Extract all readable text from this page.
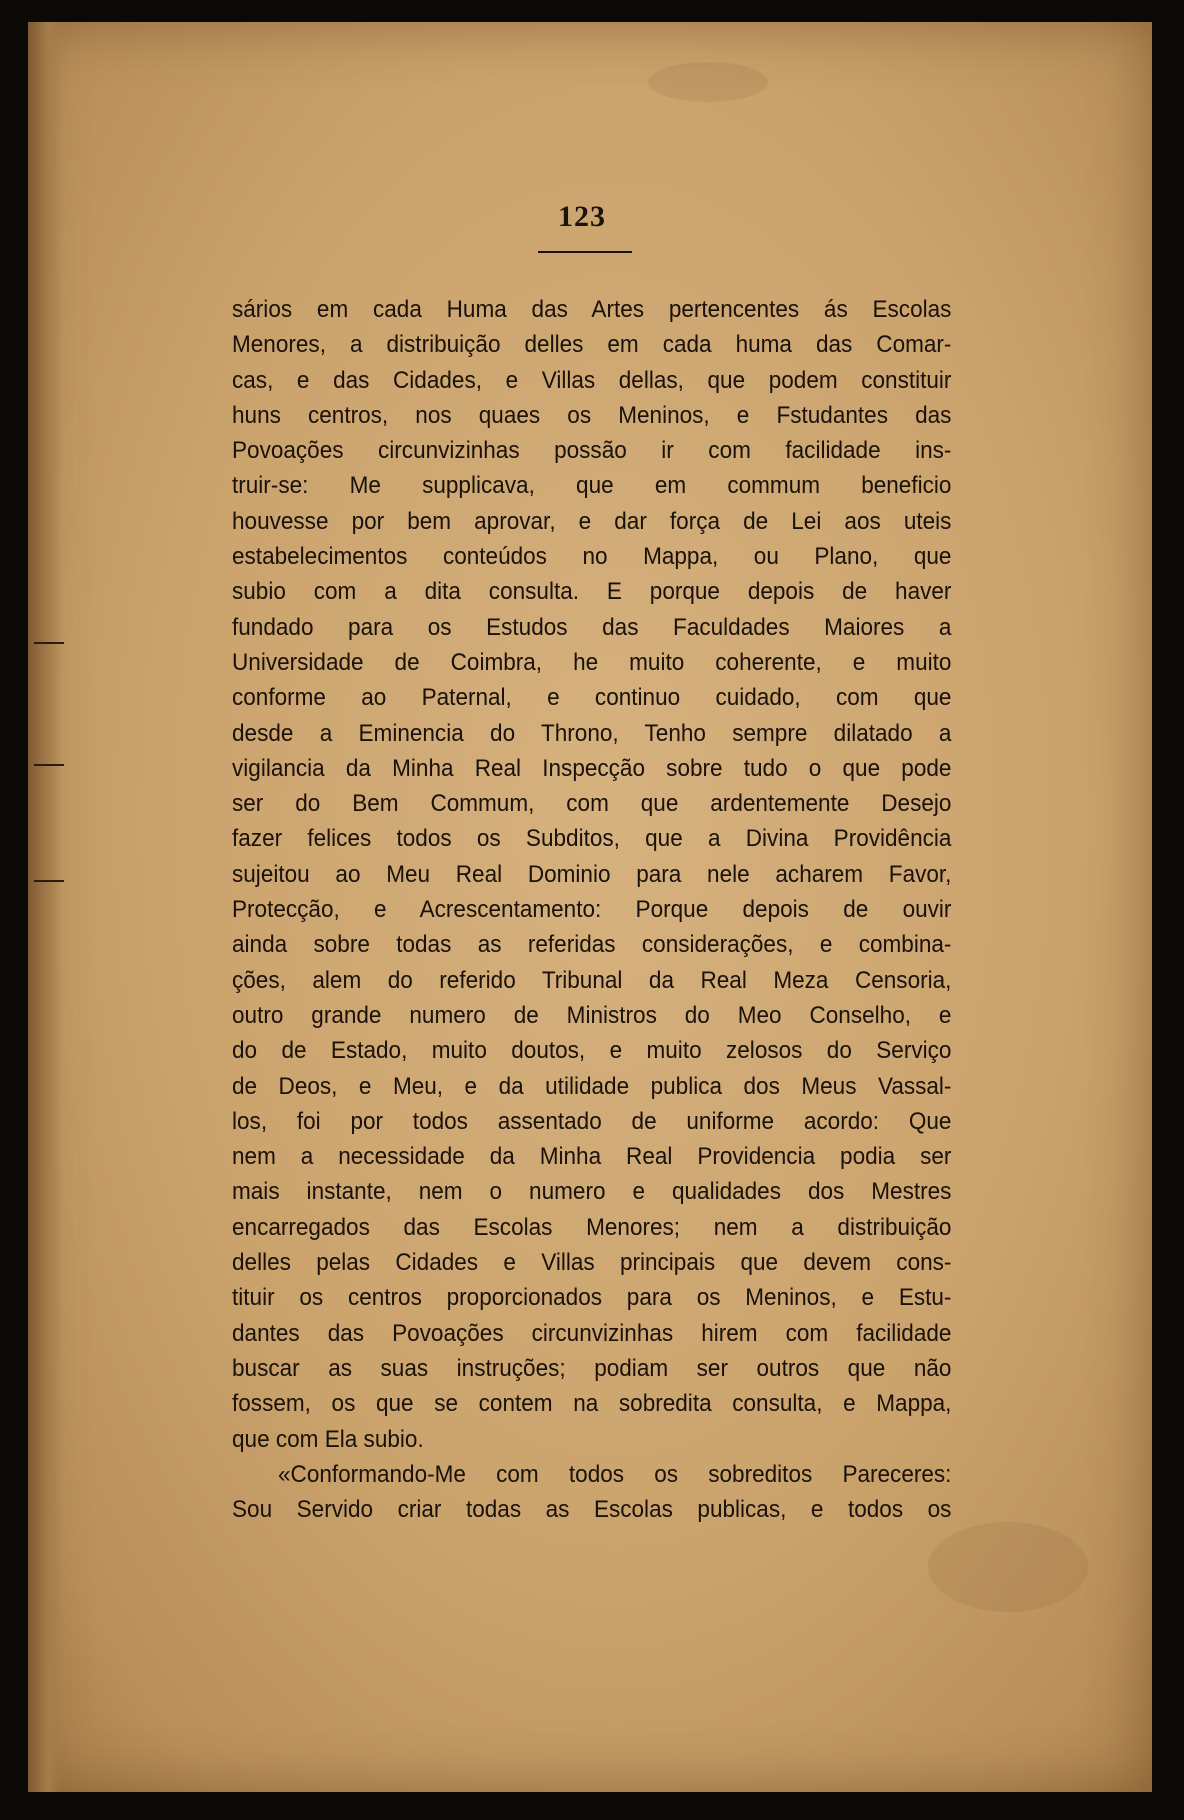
123
sários em cada Huma das Artes pertencentes ás Escolas
Menores, a distribuição delles em cada huma das Comar-
cas, e das Cidades, e Villas dellas, que podem constituir
huns centros, nos quaes os Meninos, e Fstudantes das
Povoações circunvizinhas possão ir com facilidade ins-
truir-se: Me supplicava, que em commum beneficio
houvesse por bem aprovar, e dar força de Lei aos uteis
estabelecimentos conteúdos no Mappa, ou Plano, que
subio com a dita consulta. E porque depois de haver
fundado para os Estudos das Faculdades Maiores a
Universidade de Coimbra, he muito coherente, e muito
conforme ao Paternal, e continuo cuidado, com que
desde a Eminencia do Throno, Tenho sempre dilatado a
vigilancia da Minha Real Inspecção sobre tudo o que pode
ser do Bem Commum, com que ardentemente Desejo
fazer felices todos os Subditos, que a Divina Providência
sujeitou ao Meu Real Dominio para nele acharem Favor,
Protecção, e Acrescentamento: Porque depois de ouvir
ainda sobre todas as referidas considerações, e combina-
ções, alem do referido Tribunal da Real Meza Censoria,
outro grande numero de Ministros do Meo Conselho, e
do de Estado, muito doutos, e muito zelosos do Serviço
de Deos, e Meu, e da utilidade publica dos Meus Vassal-
los, foi por todos assentado de uniforme acordo: Que
nem a necessidade da Minha Real Providencia podia ser
mais instante, nem o numero e qualidades dos Mestres
encarregados das Escolas Menores; nem a distribuição
delles pelas Cidades e Villas principais que devem cons-
tituir os centros proporcionados para os Meninos, e Estu-
dantes das Povoações circunvizinhas hirem com facilidade
buscar as suas instruções; podiam ser outros que não
fossem, os que se contem na sobredita consulta, e Mappa,
que com Ela subio.
«Conformando-Me com todos os sobreditos Pareceres:
Sou Servido criar todas as Escolas publicas, e todos os
